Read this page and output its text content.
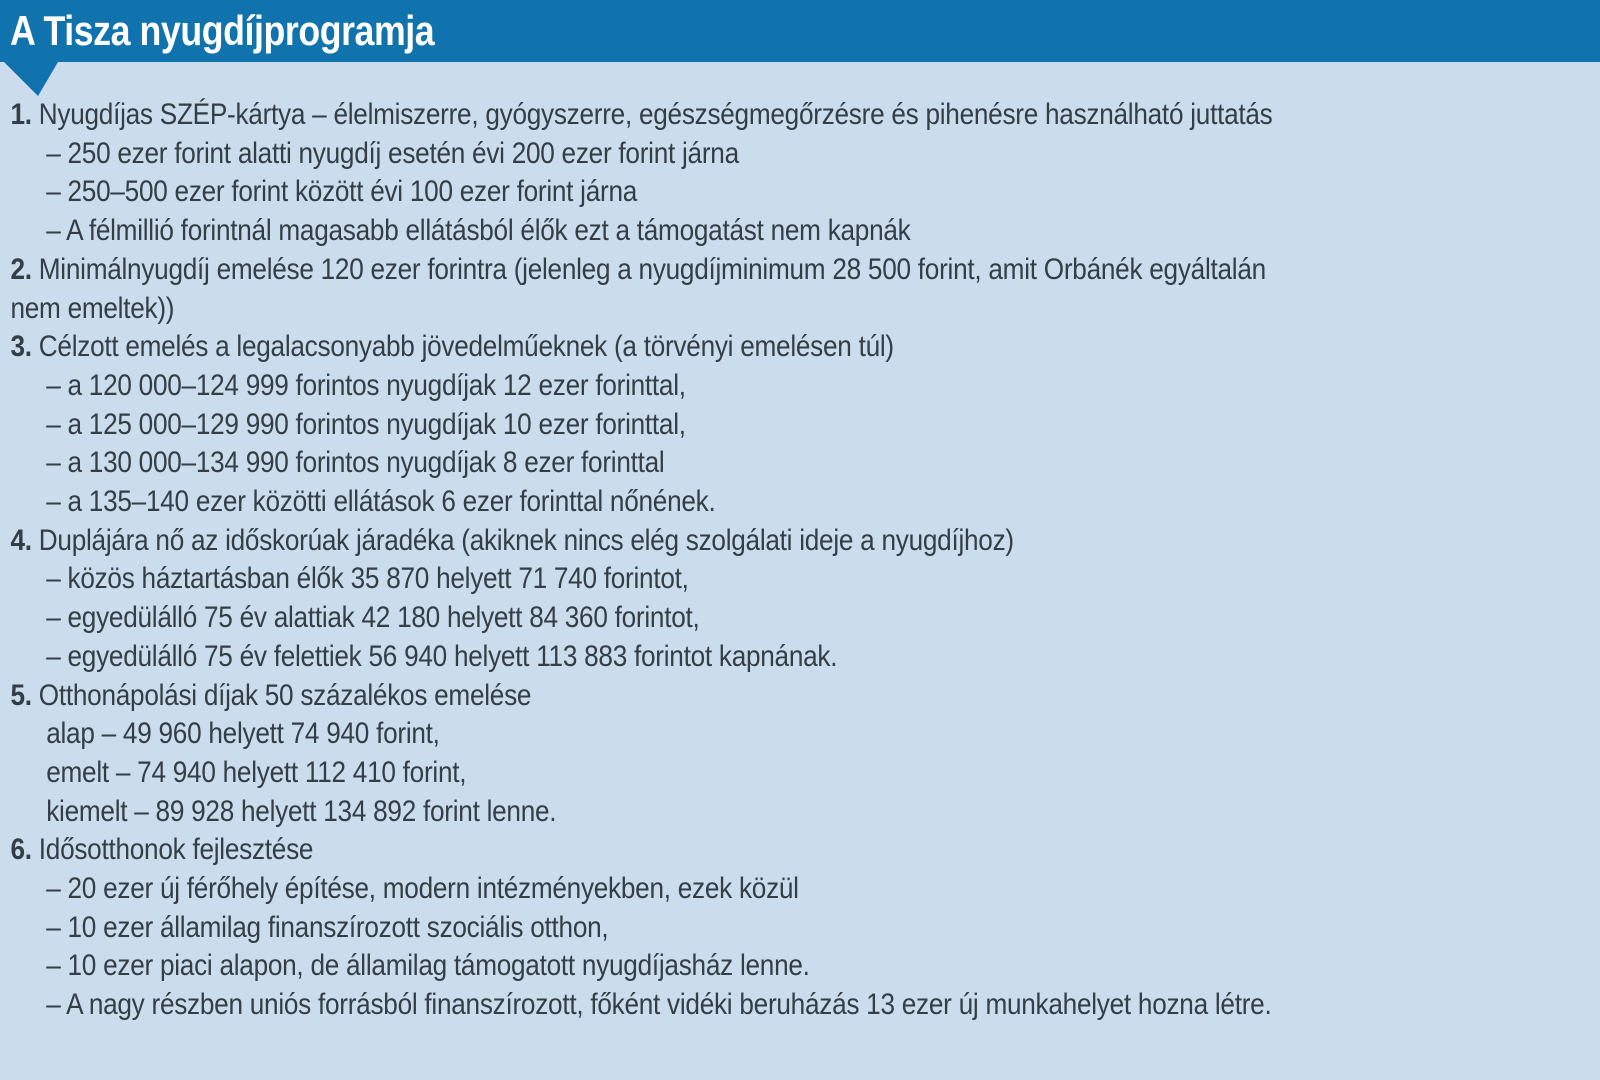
A Tisza nyugdíjprogramja

1. Nyugdíjas SZÉP-kártya – élelmiszerre, gyógyszerre, egészségmegőrzésre és pihenésre használható juttatás

– 250 ezer forint alatti nyugdíj esetén évi 200 ezer forint járna

– 250–500 ezer forint között évi 100 ezer forint járna

– A félmillió forintnál magasabb ellátásból élők ezt a támogatást nem kapnák

2. Minimálnyugdíj emelése 120 ezer forintra (jelenleg a nyugdíjminimum 28 500 forint, amit Orbánék egyáltalán

nem emeltek))

3. Célzott emelés a legalacsonyabb jövedelműeknek (a törvényi emelésen túl)

– a 120 000–124 999 forintos nyugdíjak 12 ezer forinttal,

– a 125 000–129 990 forintos nyugdíjak 10 ezer forinttal,

– a 130 000–134 990 forintos nyugdíjak 8 ezer forinttal

– a 135–140 ezer közötti ellátások 6 ezer forinttal nőnének.

4. Duplájára nő az időskorúak járadéka (akiknek nincs elég szolgálati ideje a nyugdíjhoz)

– közös háztartásban élők 35 870 helyett 71 740 forintot,

– egyedülálló 75 év alattiak 42 180 helyett 84 360 forintot,

– egyedülálló 75 év felettiek 56 940 helyett 113 883 forintot kapnának.

5. Otthonápolási díjak 50 százalékos emelése

alap – 49 960 helyett 74 940 forint,

emelt – 74 940 helyett 112 410 forint,

kiemelt – 89 928 helyett 134 892 forint lenne.

6. Idősotthonok fejlesztése

– 20 ezer új férőhely építése, modern intézményekben, ezek közül

– 10 ezer államilag finanszírozott szociális otthon,

– 10 ezer piaci alapon, de államilag támogatott nyugdíjasház lenne.

– A nagy részben uniós forrásból finanszírozott, főként vidéki beruházás 13 ezer új munkahelyet hozna létre.
